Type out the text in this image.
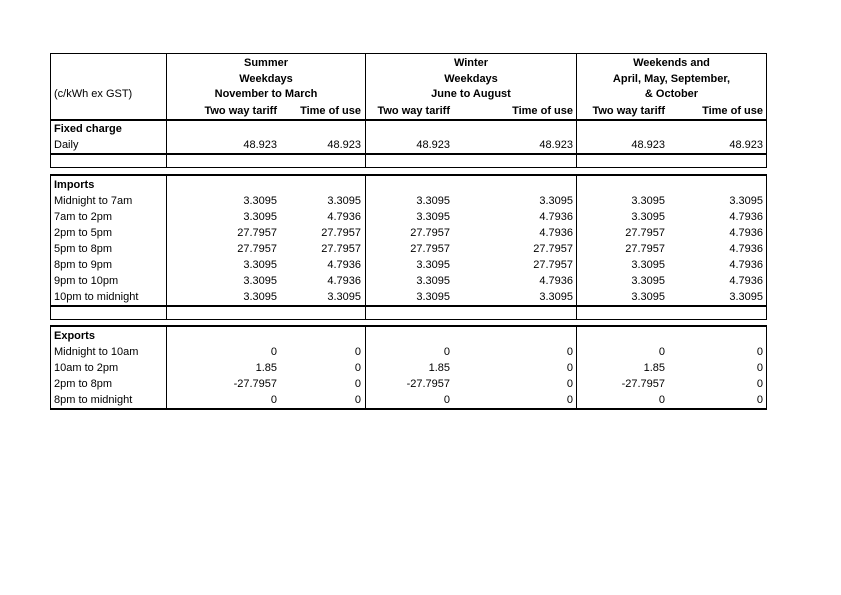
(c/kWh ex GST)
Summer
Weekdays
November to March
Winter
Weekdays
June to August
Weekends and
April, May, September,
& October
Two way tariff	Time of use	Two way tariff	Time of use	Two way tariff	Time of use
Fixed charge
Daily	48.923	48.923	48.923	48.923	48.923	48.923
Imports
Midnight to 7am	3.3095	3.3095	3.3095	3.3095	3.3095	3.3095
7am to 2pm	3.3095	4.7936	3.3095	4.7936	3.3095	4.7936
2pm to 5pm	27.7957	27.7957	27.7957	4.7936	27.7957	4.7936
5pm to 8pm	27.7957	27.7957	27.7957	27.7957	27.7957	4.7936
8pm to 9pm	3.3095	4.7936	3.3095	27.7957	3.3095	4.7936
9pm to 10pm	3.3095	4.7936	3.3095	4.7936	3.3095	4.7936
10pm to midnight	3.3095	3.3095	3.3095	3.3095	3.3095	3.3095
Exports
Midnight to 10am	0	0	0	0	0	0
10am to 2pm	1.85	0	1.85	0	1.85	0
2pm to 8pm	-27.7957	0	-27.7957	0	-27.7957	0
8pm to midnight	0	0	0	0	0	0
